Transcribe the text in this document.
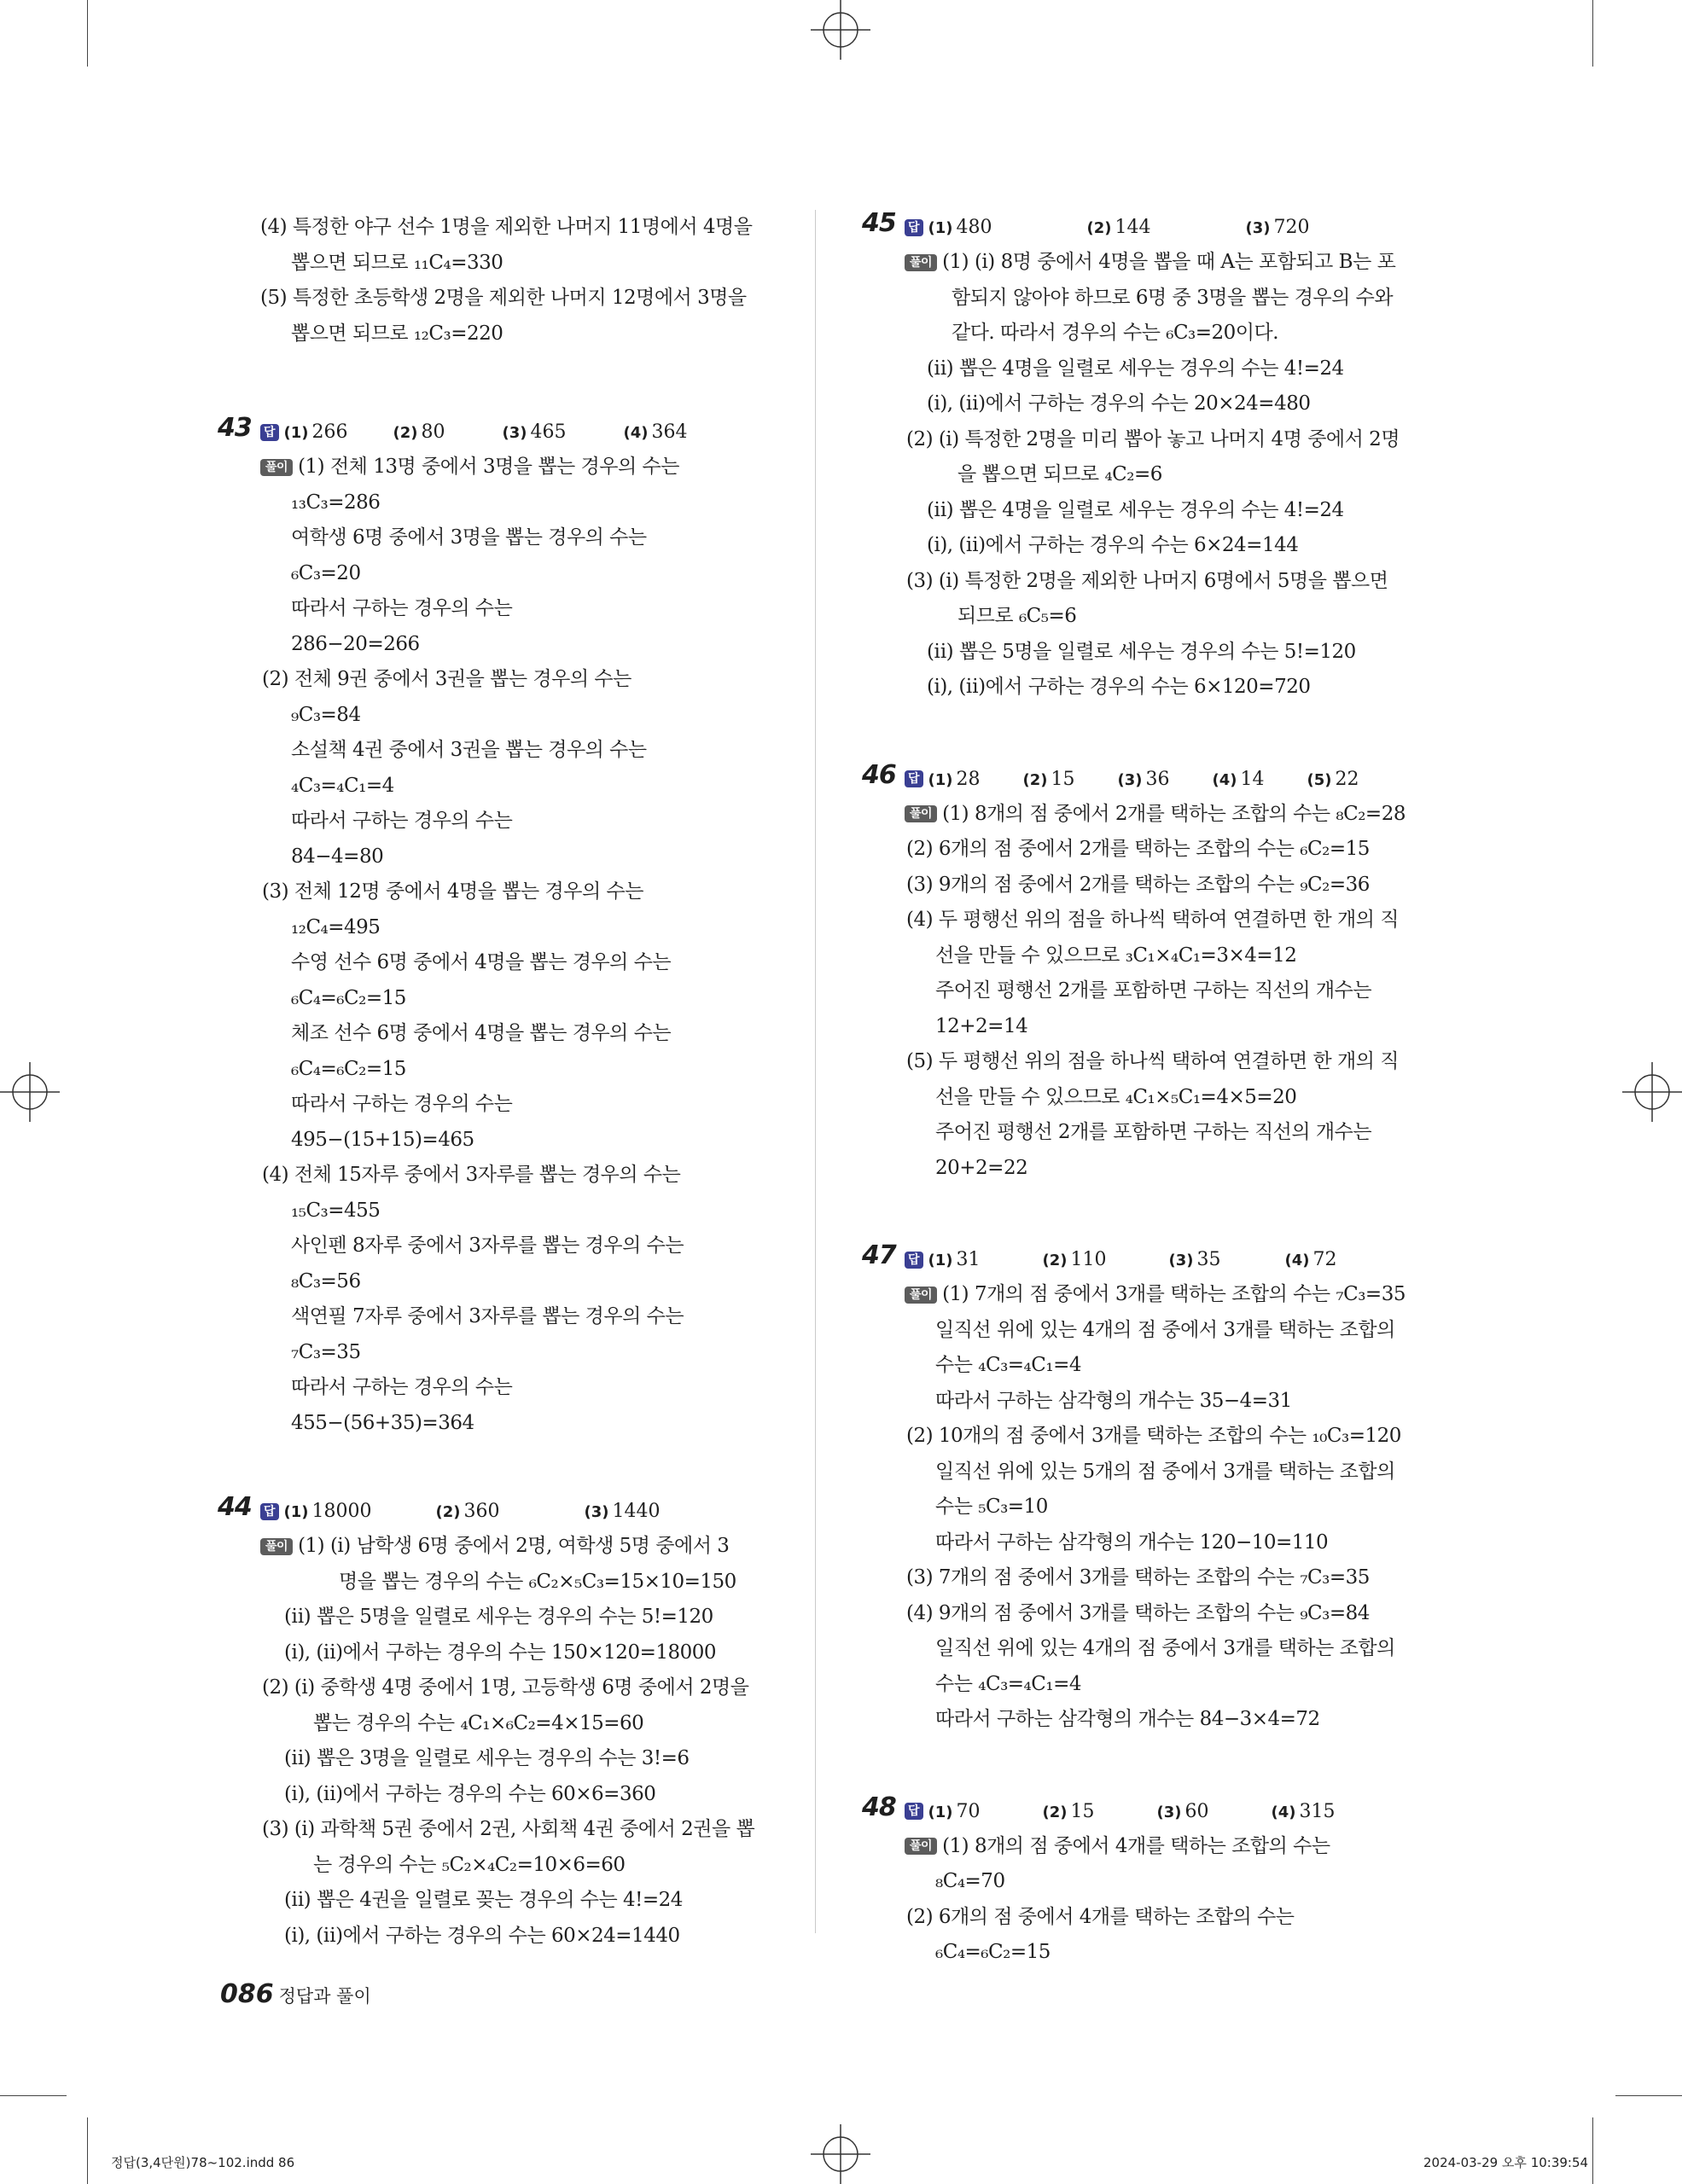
(4) 특정한 야구 선수 1명을 제외한 나머지 11명에서 4명을
뽑으면 되므로 ₁₁C₄=330
(5) 특정한 초등학생 2명을 제외한 나머지 12명에서 3명을
뽑으면 되므로 ₁₂C₃=220
43 답 (1) 266	(2) 80	(3) 465	(4) 364
풀이 (1) 전체 13명 중에서 3명을 뽑는 경우의 수는
₁₃C₃=286
여학생 6명 중에서 3명을 뽑는 경우의 수는
₆C₃=20
따라서 구하는 경우의 수는
286−20=266
(2) 전체 9권 중에서 3권을 뽑는 경우의 수는
₉C₃=84
소설책 4권 중에서 3권을 뽑는 경우의 수는
₄C₃=₄C₁=4
따라서 구하는 경우의 수는
84−4=80
(3) 전체 12명 중에서 4명을 뽑는 경우의 수는
₁₂C₄=495
수영 선수 6명 중에서 4명을 뽑는 경우의 수는
₆C₄=₆C₂=15
체조 선수 6명 중에서 4명을 뽑는 경우의 수는
₆C₄=₆C₂=15
따라서 구하는 경우의 수는
495−(15+15)=465
(4) 전체 15자루 중에서 3자루를 뽑는 경우의 수는
₁₅C₃=455
사인펜 8자루 중에서 3자루를 뽑는 경우의 수는
₈C₃=56
색연필 7자루 중에서 3자루를 뽑는 경우의 수는
₇C₃=35
따라서 구하는 경우의 수는
455−(56+35)=364
44 답 (1) 18000	(2) 360	(3) 1440
풀이 (1) (ⅰ) 남학생 6명 중에서 2명, 여학생 5명 중에서 3
명을 뽑는 경우의 수는 ₆C₂×₅C₃=15×10=150
(ⅱ) 뽑은 5명을 일렬로 세우는 경우의 수는 5!=120
(ⅰ), (ⅱ)에서 구하는 경우의 수는 150×120=18000
(2) (ⅰ) 중학생 4명 중에서 1명, 고등학생 6명 중에서 2명을
뽑는 경우의 수는 ₄C₁×₆C₂=4×15=60
(ⅱ) 뽑은 3명을 일렬로 세우는 경우의 수는 3!=6
(ⅰ), (ⅱ)에서 구하는 경우의 수는 60×6=360
(3) (ⅰ) 과학책 5권 중에서 2권, 사회책 4권 중에서 2권을 뽑
는 경우의 수는 ₅C₂×₄C₂=10×6=60
(ⅱ) 뽑은 4권을 일렬로 꽂는 경우의 수는 4!=24
(ⅰ), (ⅱ)에서 구하는 경우의 수는 60×24=1440
45 답 (1) 480	(2) 144	(3) 720
풀이 (1) (ⅰ) 8명 중에서 4명을 뽑을 때 A는 포함되고 B는 포
함되지 않아야 하므로 6명 중 3명을 뽑는 경우의 수와
같다. 따라서 경우의 수는 ₆C₃=20이다.
(ⅱ) 뽑은 4명을 일렬로 세우는 경우의 수는 4!=24
(ⅰ), (ⅱ)에서 구하는 경우의 수는 20×24=480
(2) (ⅰ) 특정한 2명을 미리 뽑아 놓고 나머지 4명 중에서 2명
을 뽑으면 되므로 ₄C₂=6
(ⅱ) 뽑은 4명을 일렬로 세우는 경우의 수는 4!=24
(ⅰ), (ⅱ)에서 구하는 경우의 수는 6×24=144
(3) (ⅰ) 특정한 2명을 제외한 나머지 6명에서 5명을 뽑으면
되므로 ₆C₅=6
(ⅱ) 뽑은 5명을 일렬로 세우는 경우의 수는 5!=120
(ⅰ), (ⅱ)에서 구하는 경우의 수는 6×120=720
46 답 (1) 28	(2) 15	(3) 36	(4) 14	(5) 22
풀이 (1) 8개의 점 중에서 2개를 택하는 조합의 수는 ₈C₂=28
(2) 6개의 점 중에서 2개를 택하는 조합의 수는 ₆C₂=15
(3) 9개의 점 중에서 2개를 택하는 조합의 수는 ₉C₂=36
(4) 두 평행선 위의 점을 하나씩 택하여 연결하면 한 개의 직
선을 만들 수 있으므로 ₃C₁×₄C₁=3×4=12
주어진 평행선 2개를 포함하면 구하는 직선의 개수는
12+2=14
(5) 두 평행선 위의 점을 하나씩 택하여 연결하면 한 개의 직
선을 만들 수 있으므로 ₄C₁×₅C₁=4×5=20
주어진 평행선 2개를 포함하면 구하는 직선의 개수는
20+2=22
47 답 (1) 31	(2) 110	(3) 35	(4) 72
풀이 (1) 7개의 점 중에서 3개를 택하는 조합의 수는 ₇C₃=35
일직선 위에 있는 4개의 점 중에서 3개를 택하는 조합의
수는 ₄C₃=₄C₁=4
따라서 구하는 삼각형의 개수는 35−4=31
(2) 10개의 점 중에서 3개를 택하는 조합의 수는 ₁₀C₃=120
일직선 위에 있는 5개의 점 중에서 3개를 택하는 조합의
수는 ₅C₃=10
따라서 구하는 삼각형의 개수는 120−10=110
(3) 7개의 점 중에서 3개를 택하는 조합의 수는 ₇C₃=35
(4) 9개의 점 중에서 3개를 택하는 조합의 수는 ₉C₃=84
일직선 위에 있는 4개의 점 중에서 3개를 택하는 조합의
수는 ₄C₃=₄C₁=4
따라서 구하는 삼각형의 개수는 84−3×4=72
48 답 (1) 70	(2) 15	(3) 60	(4) 315
풀이 (1) 8개의 점 중에서 4개를 택하는 조합의 수는
₈C₄=70
(2) 6개의 점 중에서 4개를 택하는 조합의 수는
₆C₄=₆C₂=15
086 정답과 풀이
정답(3,4단원)78~102.indd 86	2024-03-29 오후 10:39:54
